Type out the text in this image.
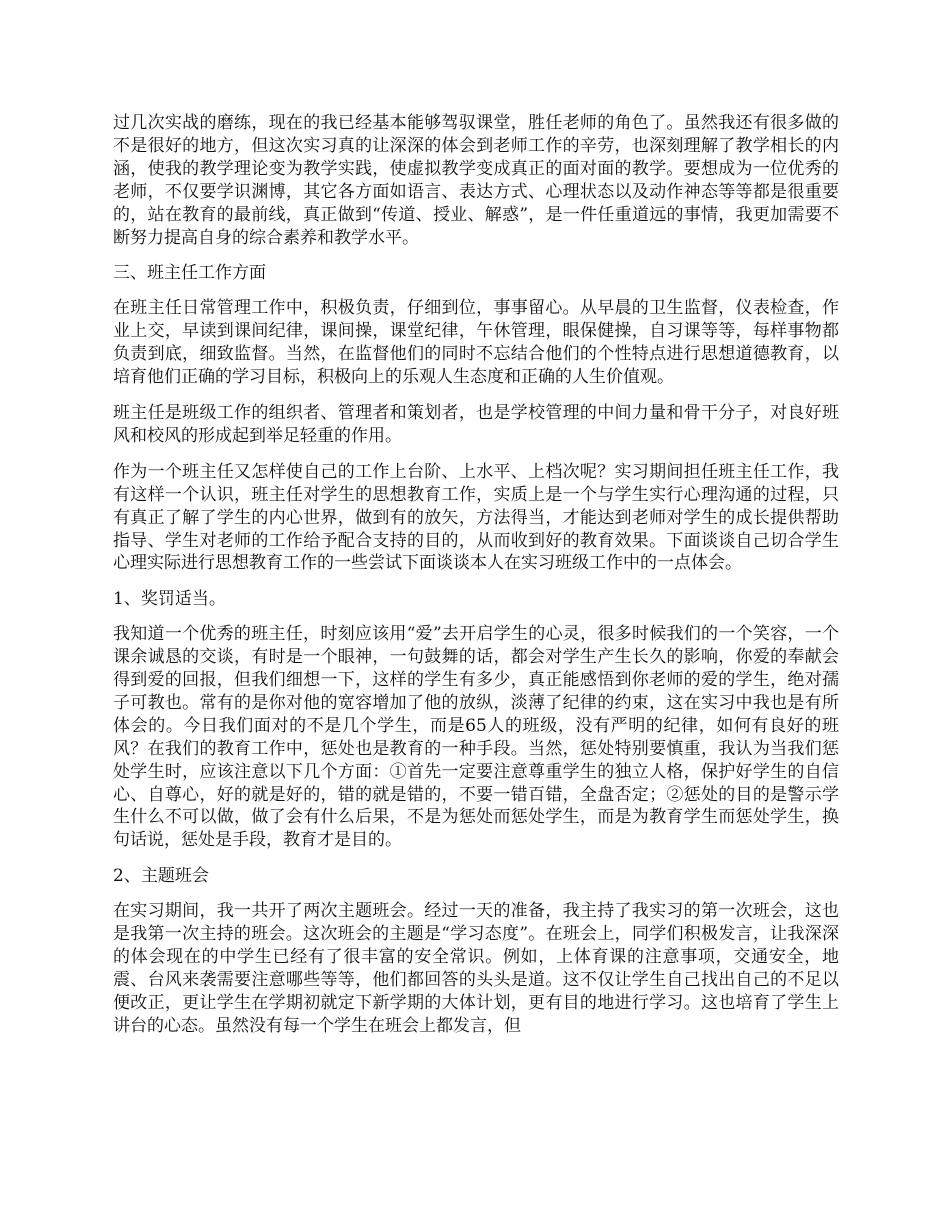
过几次实战的磨练，现在的我已经基本能够驾驭课堂，胜任老师的角色了。虽然我还有很多做的不是很好的地方，但这次实习真的让深深的体会到老师工作的辛劳，也深刻理解了教学相长的内涵，使我的教学理论变为教学实践，使虚拟教学变成真正的面对面的教学。要想成为一位优秀的老师，不仅要学识渊博，其它各方面如语言、表达方式、心理状态以及动作神态等等都是很重要的，站在教育的最前线，真正做到“传道、授业、解惑”，是一件任重道远的事情，我更加需要不断努力提高自身的综合素养和教学水平。

三、班主任工作方面

在班主任日常管理工作中，积极负责，仔细到位，事事留心。从早晨的卫生监督，仪表检查，作业上交，早读到课间纪律，课间操，课堂纪律，午休管理，眼保健操，自习课等等，每样事物都负责到底，细致监督。当然，在监督他们的同时不忘结合他们的个性特点进行思想道德教育，以培育他们正确的学习目标，积极向上的乐观人生态度和正确的人生价值观。

班主任是班级工作的组织者、管理者和策划者，也是学校管理的中间力量和骨干分子，对良好班风和校风的形成起到举足轻重的作用。

作为一个班主任又怎样使自己的工作上台阶、上水平、上档次呢？实习期间担任班主任工作，我有这样一个认识，班主任对学生的思想教育工作，实质上是一个与学生实行心理沟通的过程，只有真正了解了学生的内心世界，做到有的放矢，方法得当，才能达到老师对学生的成长提供帮助指导、学生对老师的工作给予配合支持的目的，从而收到好的教育效果。下面谈谈自己切合学生心理实际进行思想教育工作的一些尝试下面谈谈本人在实习班级工作中的一点体会。

1、奖罚适当。

我知道一个优秀的班主任，时刻应该用“爱”去开启学生的心灵，很多时候我们的一个笑容，一个课余诚恳的交谈，有时是一个眼神，一句鼓舞的话，都会对学生产生长久的影响，你爱的奉献会得到爱的回报，但我们细想一下，这样的学生有多少，真正能感悟到你老师的爱的学生，绝对孺子可教也。常有的是你对他的宽容增加了他的放纵，淡薄了纪律的约束，这在实习中我也是有所体会的。今日我们面对的不是几个学生，而是65人的班级，没有严明的纪律，如何有良好的班风？在我们的教育工作中，惩处也是教育的一种手段。当然，惩处特别要慎重，我认为当我们惩处学生时，应该注意以下几个方面：①首先一定要注意尊重学生的独立人格，保护好学生的自信心、自尊心，好的就是好的，错的就是错的，不要一错百错，全盘否定；②惩处的目的是警示学生什么不可以做，做了会有什么后果，不是为惩处而惩处学生，而是为教育学生而惩处学生，换句话说，惩处是手段，教育才是目的。

2、主题班会

在实习期间，我一共开了两次主题班会。经过一天的准备，我主持了我实习的第一次班会，这也是我第一次主持的班会。这次班会的主题是“学习态度”。在班会上，同学们积极发言，让我深深的体会现在的中学生已经有了很丰富的安全常识。例如，上体育课的注意事项，交通安全，地震、台风来袭需要注意哪些等等，他们都回答的头头是道。这不仅让学生自己找出自己的不足以便改正，更让学生在学期初就定下新学期的大体计划，更有目的地进行学习。这也培育了学生上讲台的心态。虽然没有每一个学生在班会上都发言，但
